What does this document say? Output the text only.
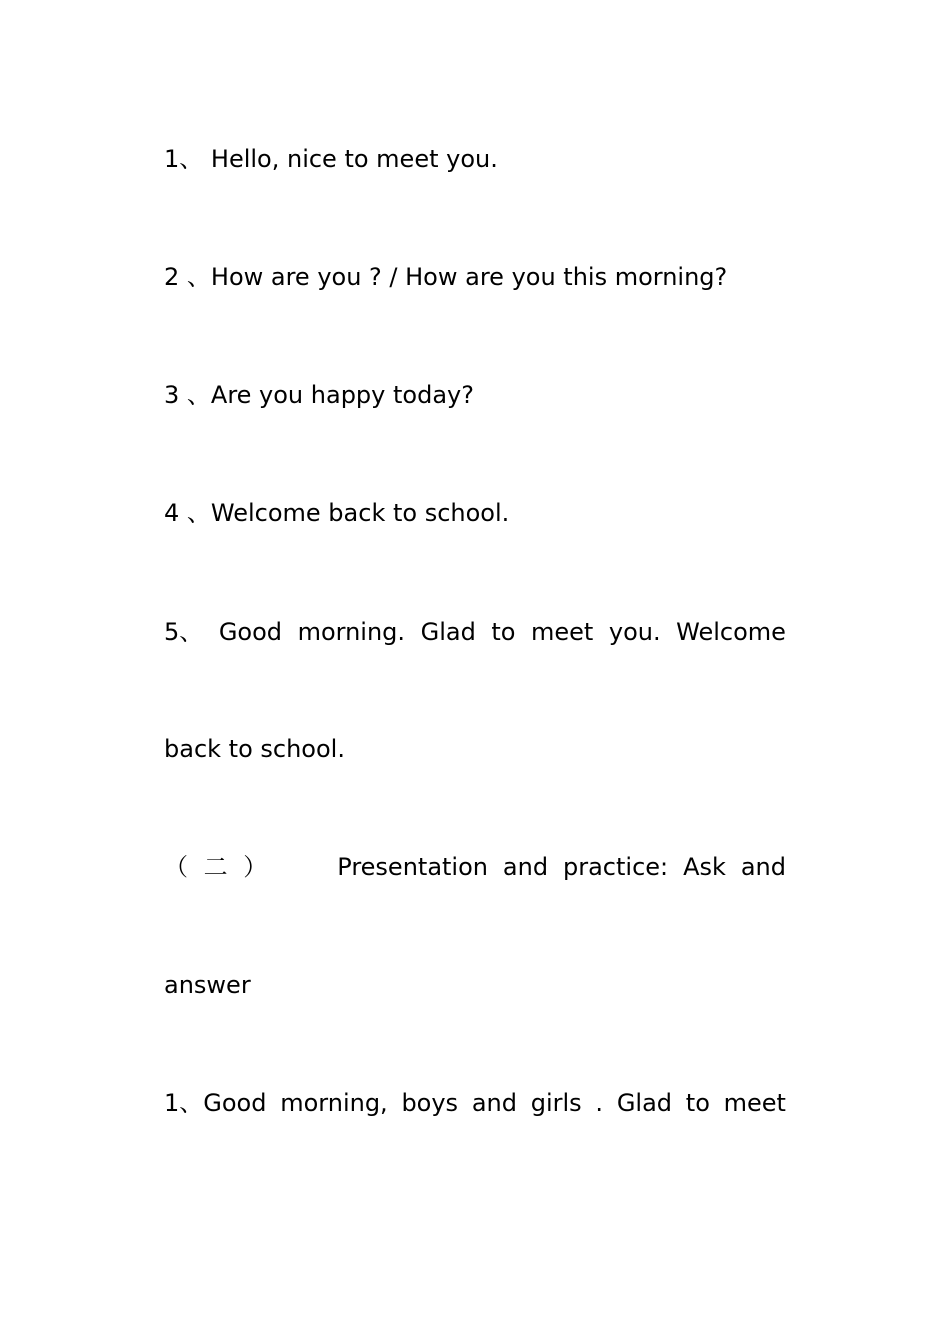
1、 Hello, nice to meet you.
2 、How are you ? / How are you this morning?
3 、Are you happy today?
4 、Welcome back to school.
5、 Good morning. Glad to meet you. Welcome
back to school.
（ 二 ）	Presentation and practice: Ask and
answer
1、Good morning, boys and girls . Glad to meet
